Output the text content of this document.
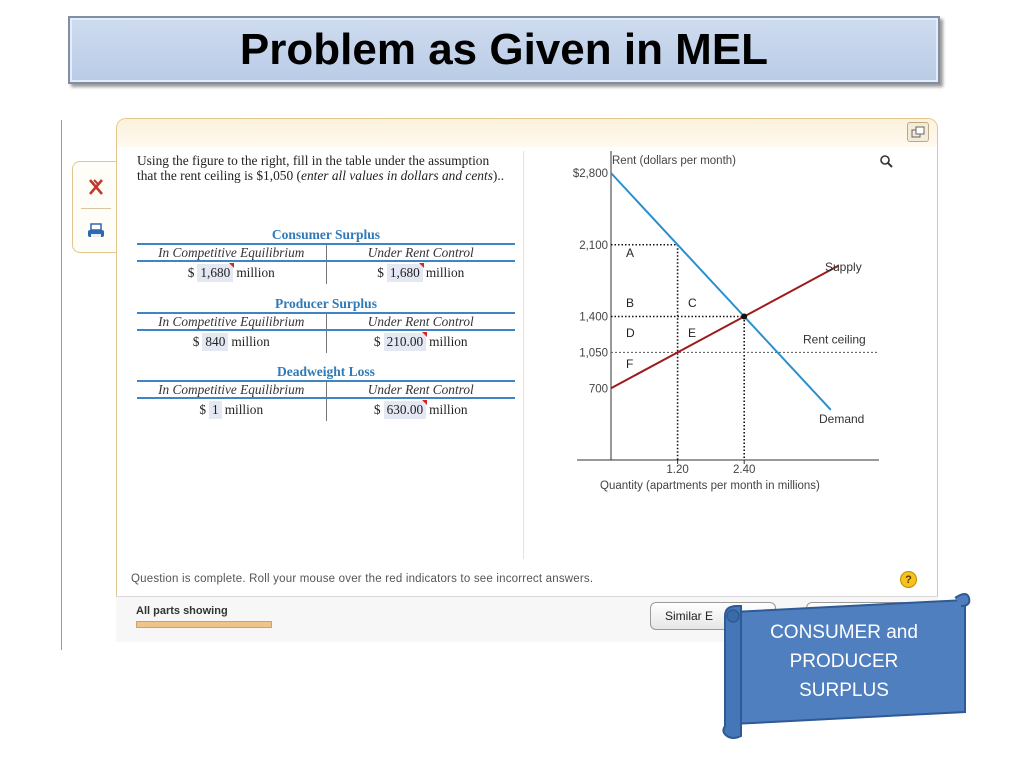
Problem as Given in MEL
Using the figure to the right, fill in the table under the assumption that the rent ceiling is $1,050 (enter all values in dollars and cents)..
Consumer Surplus
In Competitive Equilibrium	Under Rent Control
$ 1,680 million	$ 1,680 million
Producer Surplus
In Competitive Equilibrium	Under Rent Control
$ 840 million	$ 210.00 million
Deadweight Loss
In Competitive Equilibrium	Under Rent Control
$ 1 million	$ 630.00 million
Rent (dollars per month)
$2,800
2,100
1,400
1,050
700
1.20	2.40
Rent ceiling
Supply
Demand
A
B	C
D	E
F
Quantity (apartments per month in millions)
Question is complete. Roll your mouse over the red indicators to see incorrect answers.	?
All parts showing	Similar E
CONSUMER and
PRODUCER
SURPLUS
